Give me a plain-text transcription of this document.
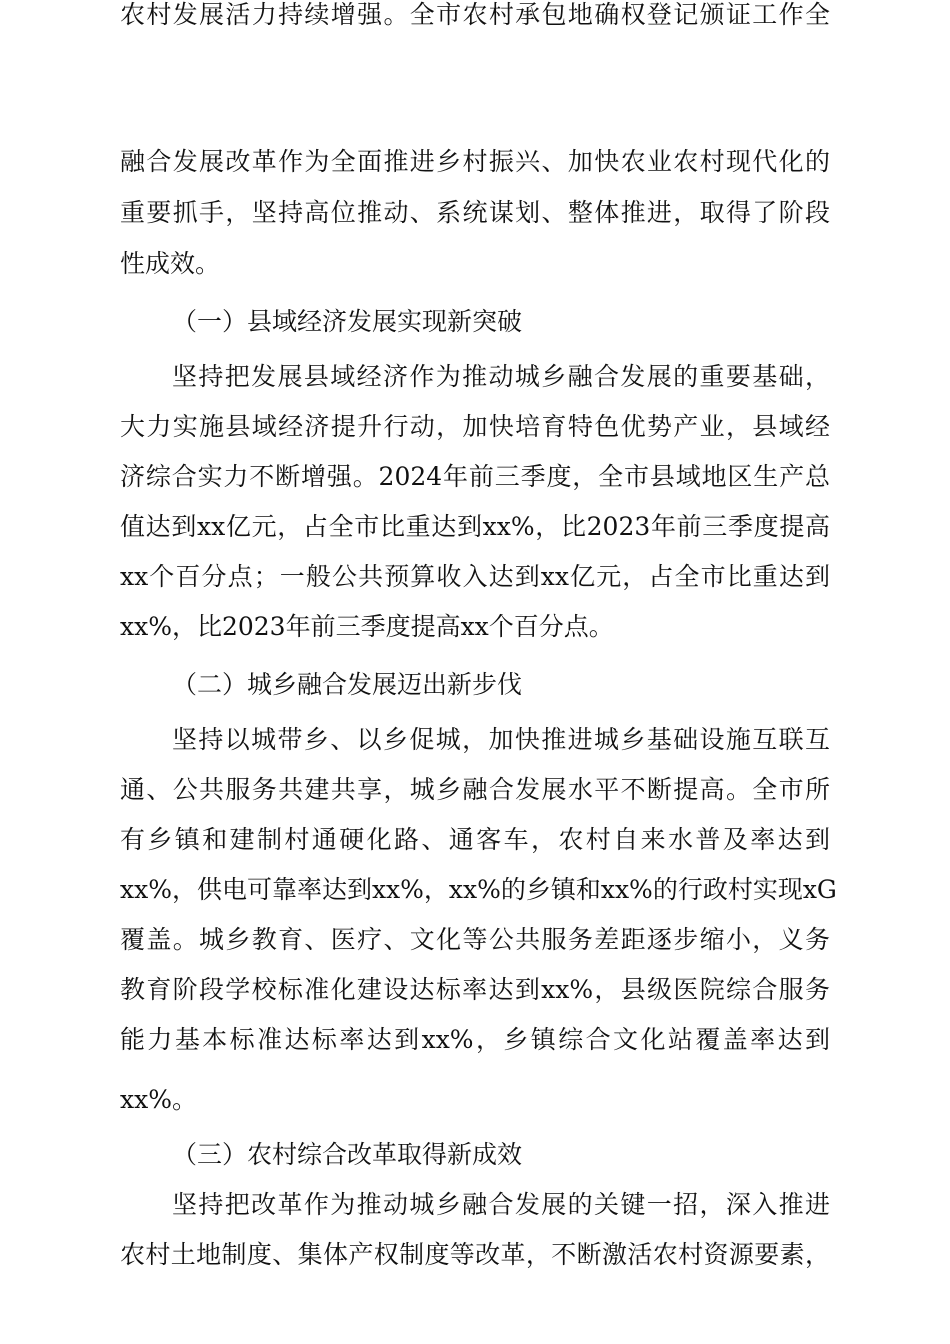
融合发展改革作为全面推进乡村振兴、加快农业农村现代化的
重要抓手，坚持高位推动、系统谋划、整体推进，取得了阶段
性成效。
（一）县域经济发展实现新突破
坚持把发展县域经济作为推动城乡融合发展的重要基础，
大力实施县域经济提升行动，加快培育特色优势产业，县域经
济综合实力不断增强。2024年前三季度，全市县域地区生产总
值达到xx亿元，占全市比重达到xx%，比2023年前三季度提高
xx个百分点；一般公共预算收入达到xx亿元，占全市比重达到
xx%，比2023年前三季度提高xx个百分点。
（二）城乡融合发展迈出新步伐
坚持以城带乡、以乡促城，加快推进城乡基础设施互联互
通、公共服务共建共享，城乡融合发展水平不断提高。全市所
有乡镇和建制村通硬化路、通客车，农村自来水普及率达到
xx%，供电可靠率达到xx%，xx%的乡镇和xx%的行政村实现xG
覆盖。城乡教育、医疗、文化等公共服务差距逐步缩小，义务
教育阶段学校标准化建设达标率达到xx%，县级医院综合服务
能力基本标准达标率达到xx%，乡镇综合文化站覆盖率达到
xx%。
（三）农村综合改革取得新成效
坚持把改革作为推动城乡融合发展的关键一招，深入推进
农村土地制度、集体产权制度等改革，不断激活农村资源要素，
农村发展活力持续增强。全市农村承包地确权登记颁证工作全
